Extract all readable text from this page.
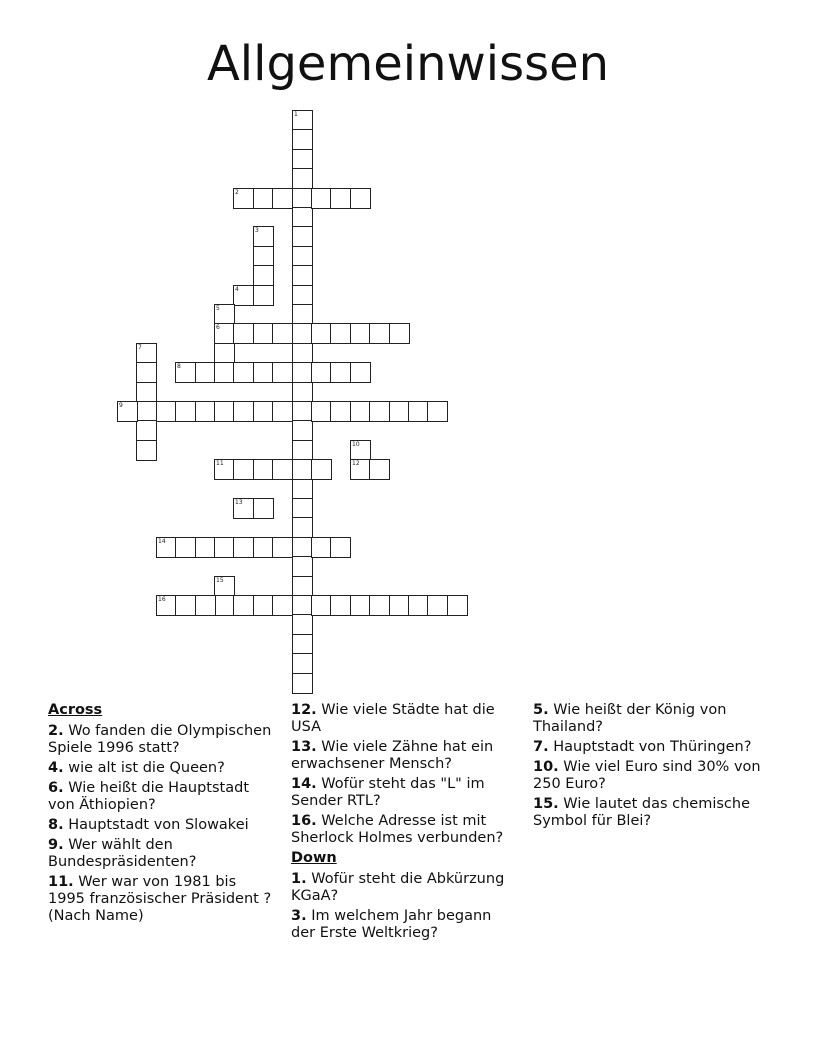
Allgemeinwissen
1
2
3
4
5
6
7
8
9
10
12
11
13
14
15
16
Across

2. Wo fanden die Olympischen Spiele 1996 statt?

4. wie alt ist die Queen?

6. Wie heißt die Hauptstadt von Äthiopien?

8. Hauptstadt von Slowakei

9. Wer wählt den Bundespräsidenten?

11. Wer war von 1981 bis 1995 französischer Präsident ? (Nach Name)

12. Wie viele Städte hat die USA

13. Wie viele Zähne hat ein erwachsener Mensch?

14. Wofür steht das "L" im Sender RTL?

16. Welche Adresse ist mit Sherlock Holmes verbunden?

Down

1. Wofür steht die Abkürzung KGaA?

3. Im welchem Jahr begann der Erste Weltkrieg?

5. Wie heißt der König von Thailand?

7. Hauptstadt von Thüringen?

10. Wie viel Euro sind 30% von 250 Euro?

15. Wie lautet das chemische Symbol für Blei?
